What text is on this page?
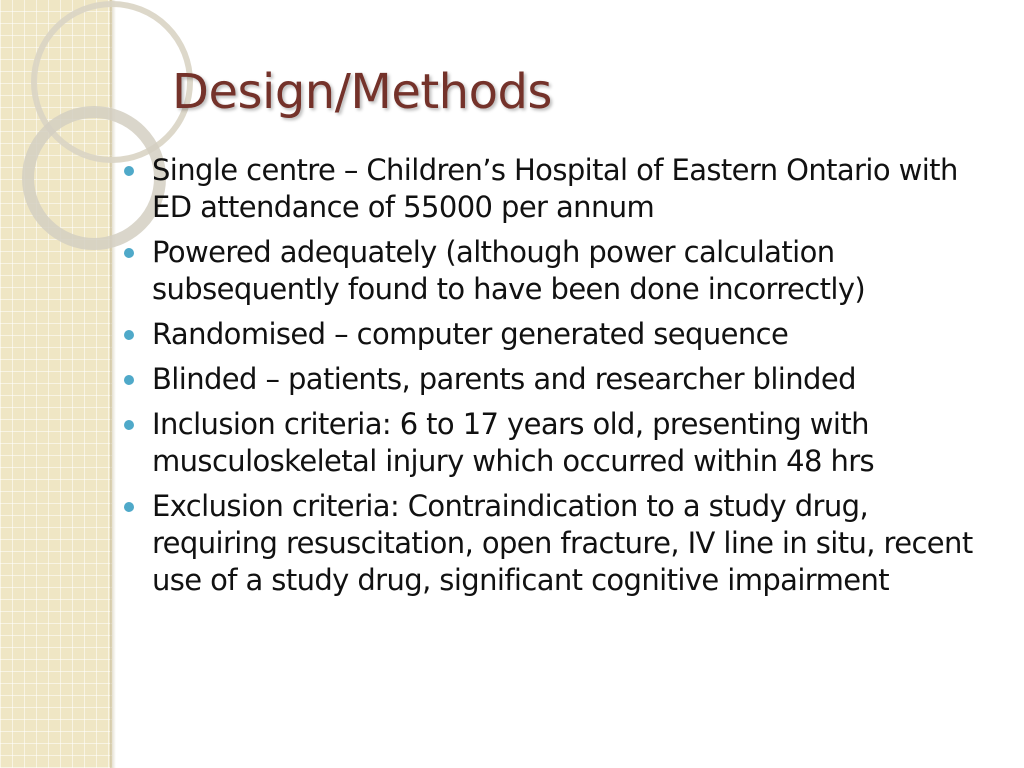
Design/Methods
Single centre – Children’s Hospital of Eastern Ontario with ED attendance of 55000 per annum
Powered adequately (although power calculation subsequently found to have been done incorrectly)
Randomised – computer generated sequence
Blinded – patients, parents and researcher blinded
Inclusion criteria: 6 to 17 years old, presenting with musculoskeletal injury which occurred within 48 hrs
Exclusion criteria: Contraindication to a study drug, requiring resuscitation, open fracture, IV line in situ, recent use of a study drug, significant cognitive impairment
